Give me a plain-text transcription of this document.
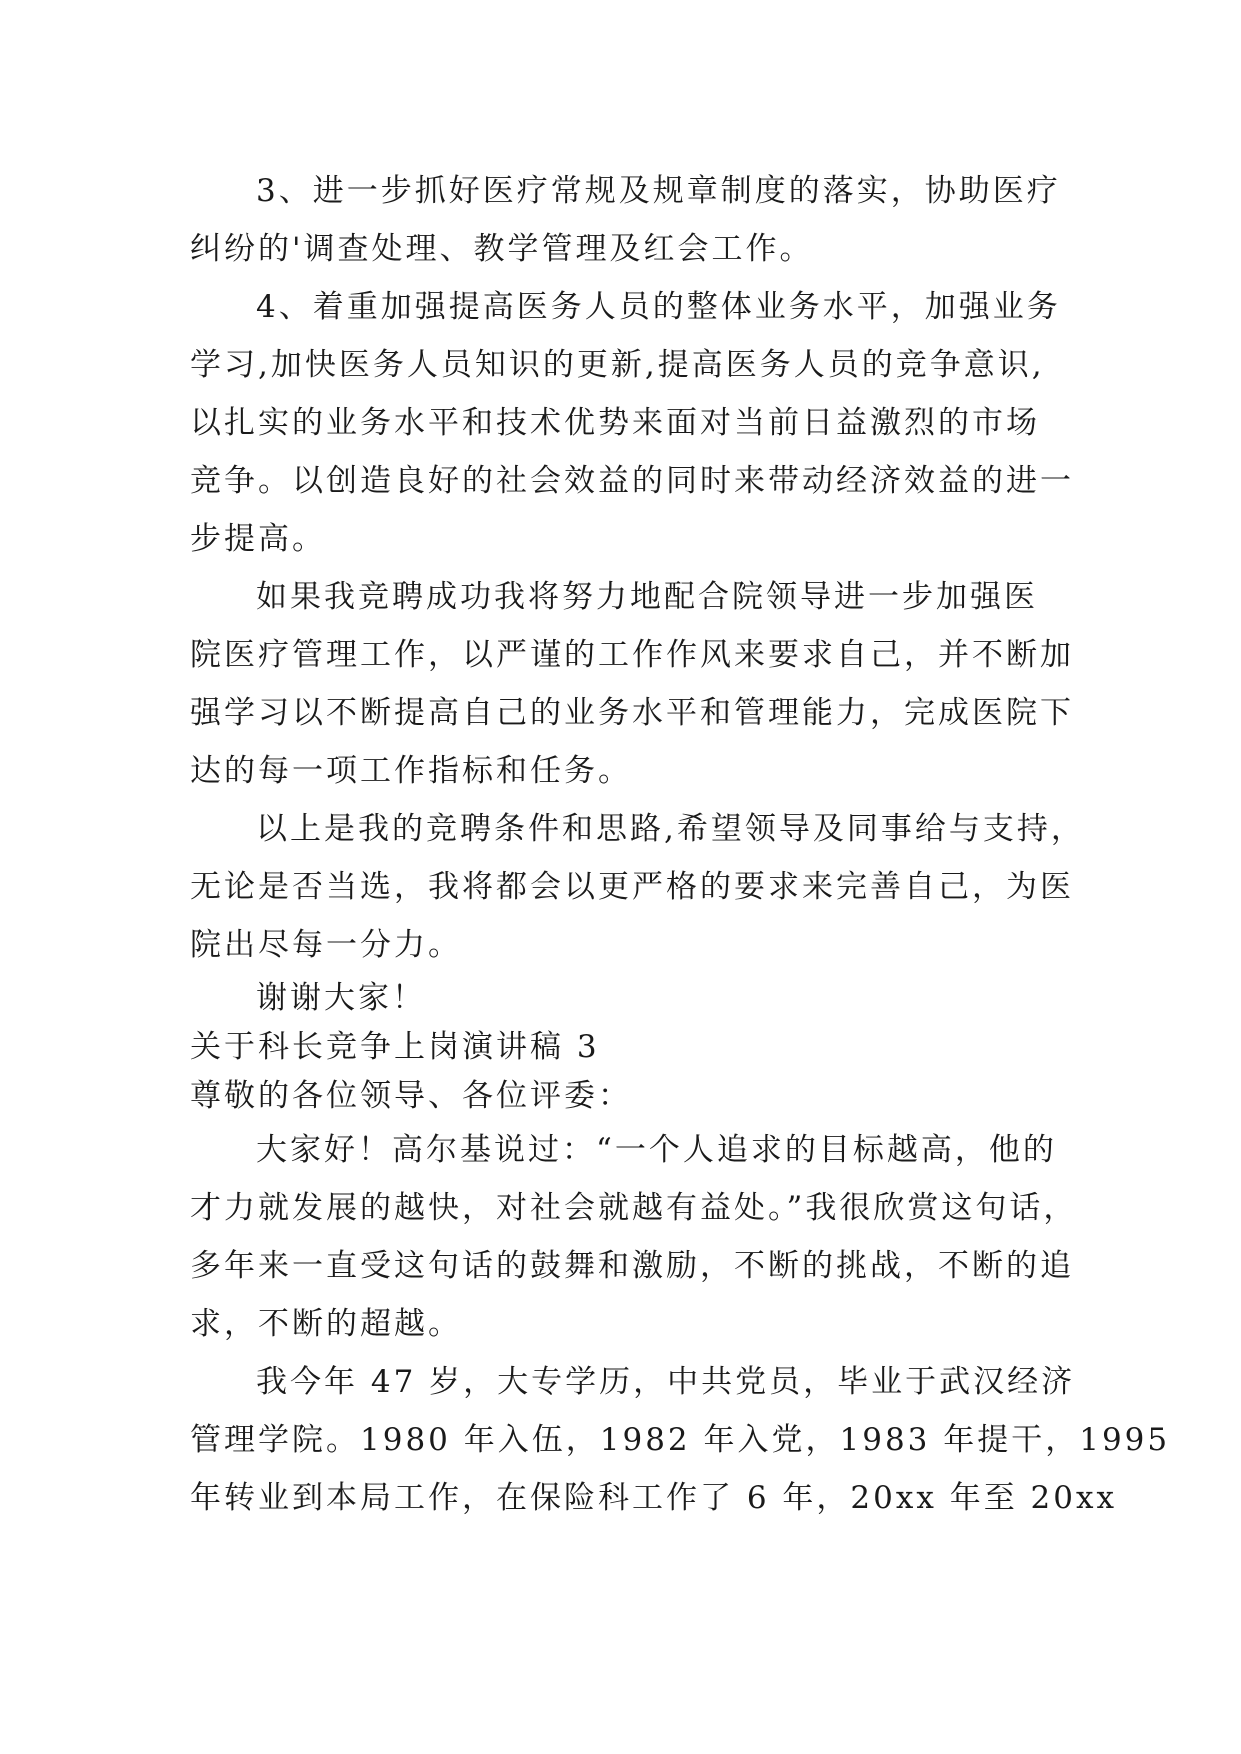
3、进一步抓好医疗常规及规章制度的落实，协助医疗
纠纷的'调查处理、教学管理及红会工作。
4、着重加强提高医务人员的整体业务水平，加强业务
学习,加快医务人员知识的更新,提高医务人员的竞争意识,
以扎实的业务水平和技术优势来面对当前日益激烈的市场
竞争。以创造良好的社会效益的同时来带动经济效益的进一
步提高。
如果我竞聘成功我将努力地配合院领导进一步加强医
院医疗管理工作，以严谨的工作作风来要求自己，并不断加
强学习以不断提高自己的业务水平和管理能力，完成医院下
达的每一项工作指标和任务。
以上是我的竞聘条件和思路,希望领导及同事给与支持，
无论是否当选，我将都会以更严格的要求来完善自己，为医
院出尽每一分力。
谢谢大家！
关于科长竞争上岗演讲稿 3
尊敬的各位领导、各位评委：
大家好！高尔基说过：“一个人追求的目标越高，他的
才力就发展的越快，对社会就越有益处。”我很欣赏这句话，
多年来一直受这句话的鼓舞和激励，不断的挑战，不断的追
求，不断的超越。
我今年 47 岁，大专学历，中共党员，毕业于武汉经济
管理学院。1980 年入伍，1982 年入党，1983 年提干，1995
年转业到本局工作，在保险科工作了 6 年，20xx 年至 20xx
